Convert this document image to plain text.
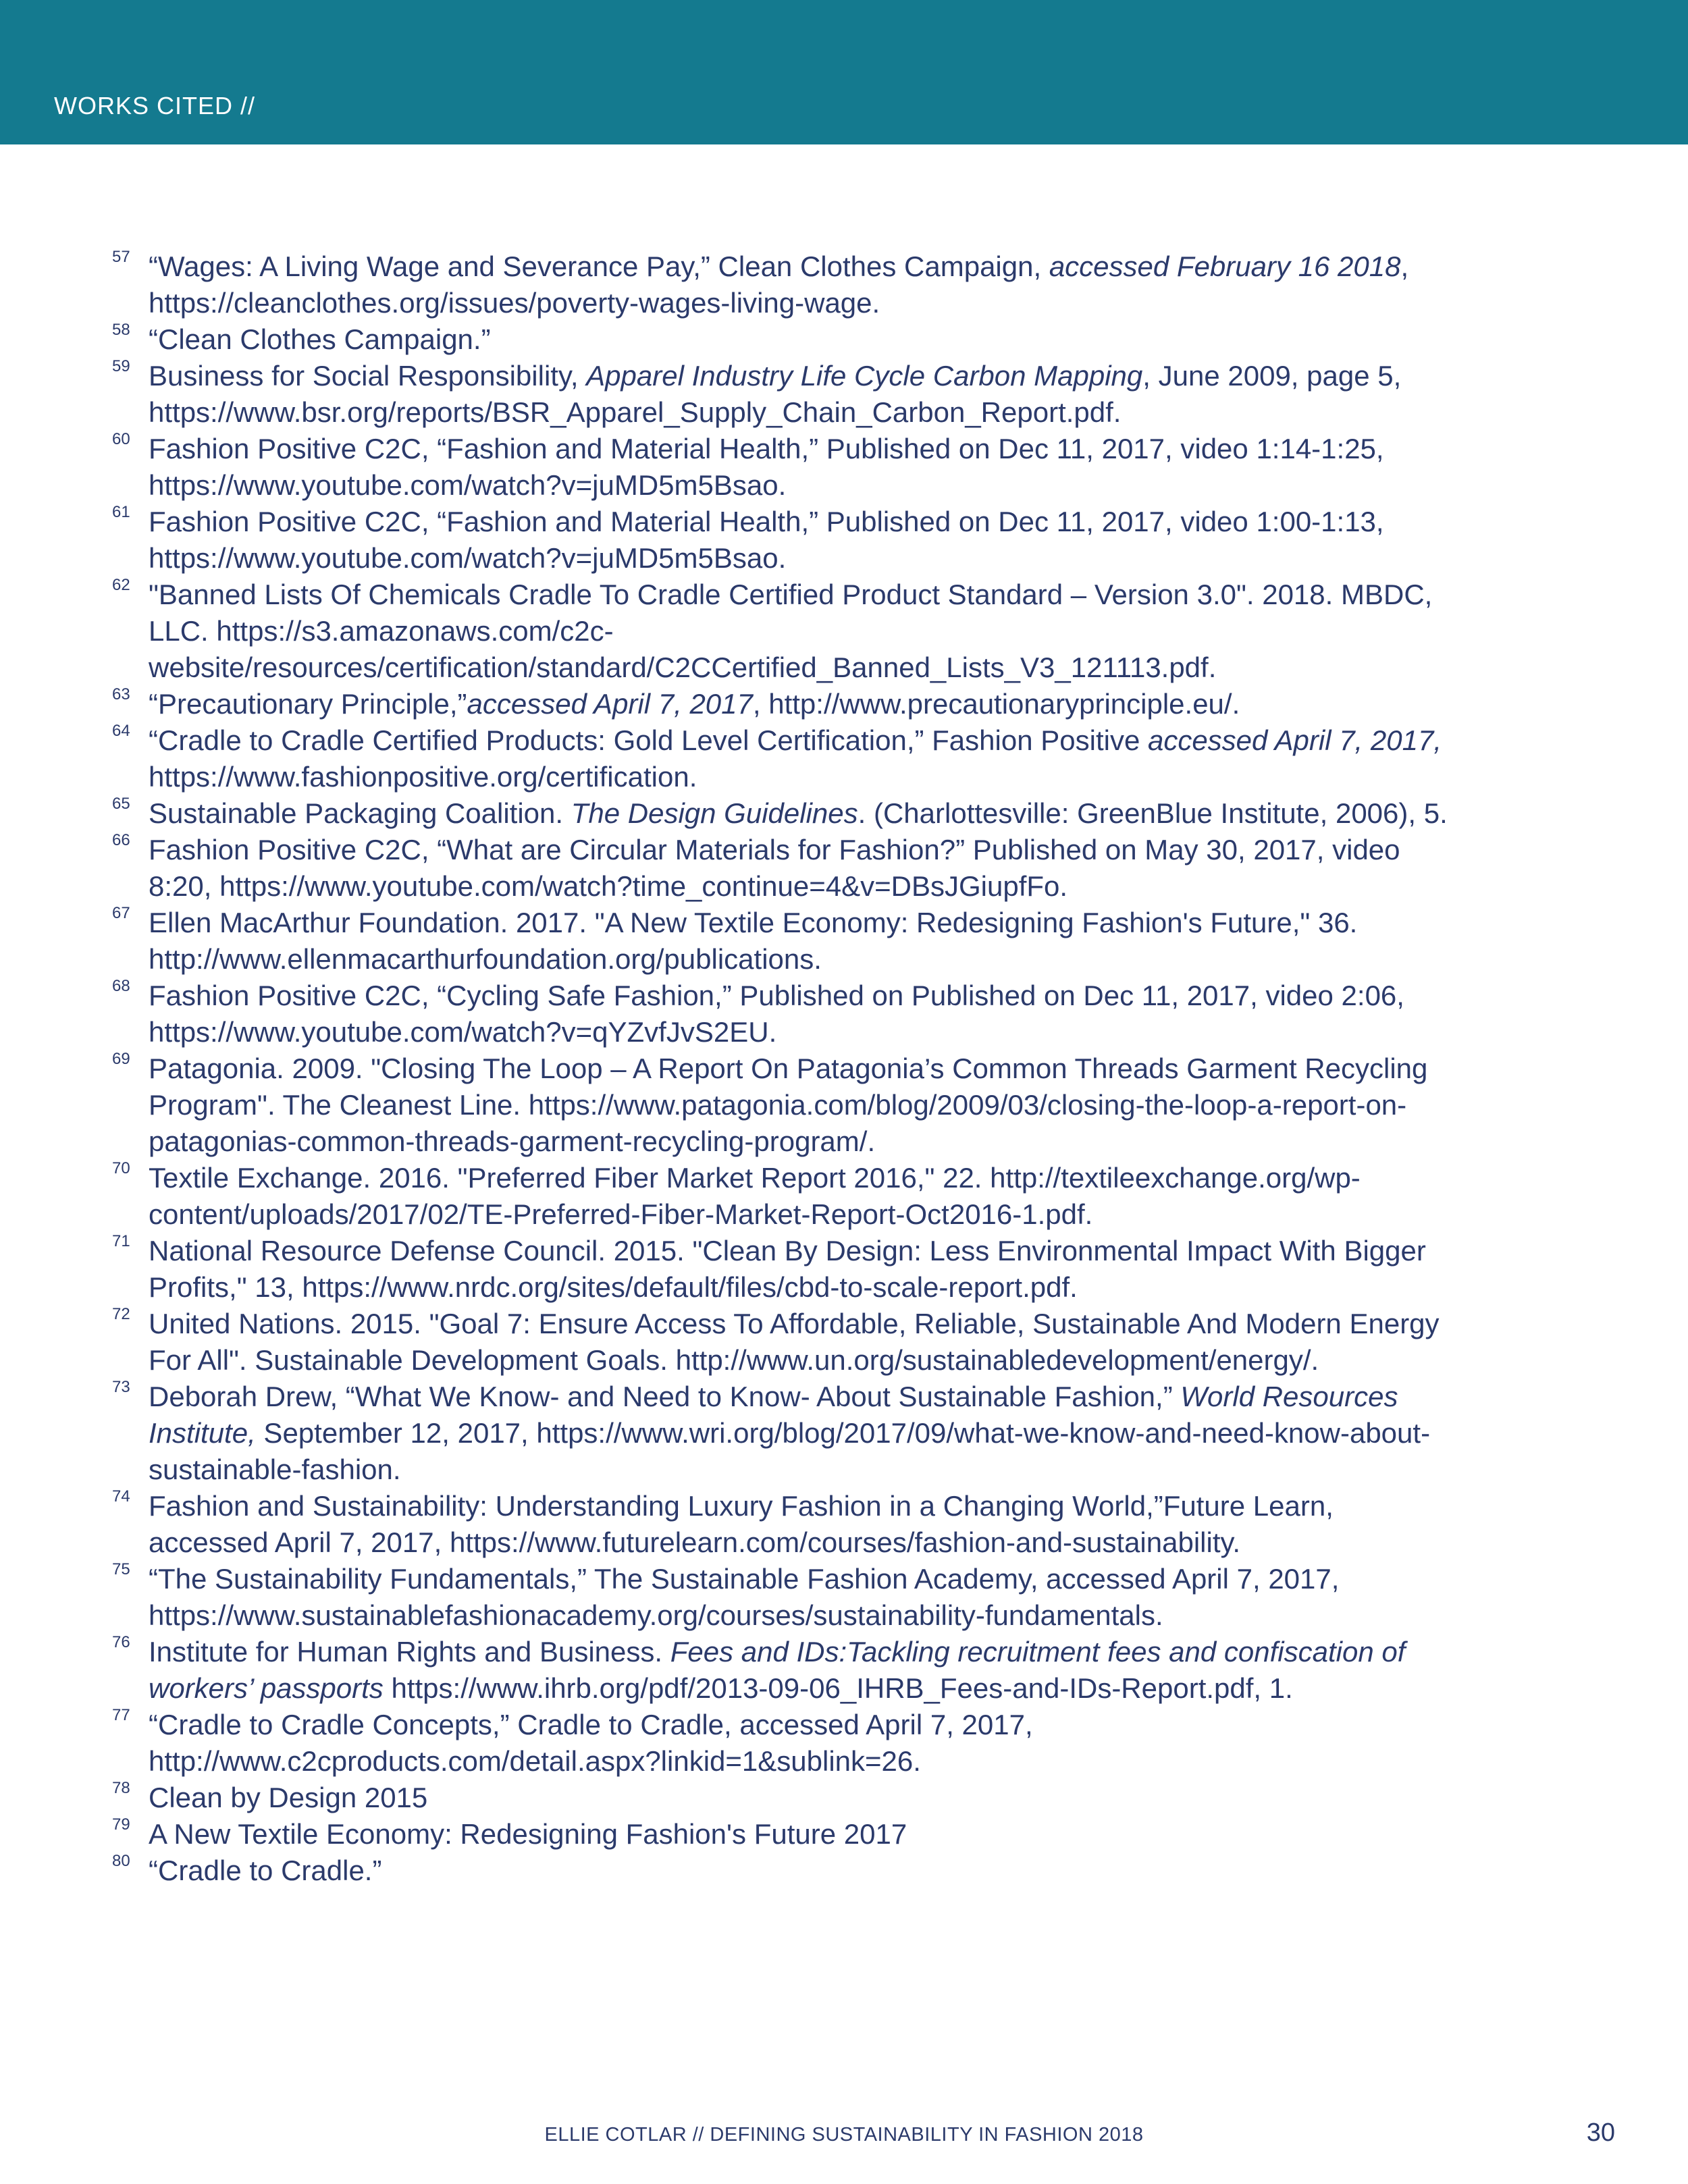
WORKS CITED //
57 “Wages: A Living Wage and Severance Pay,” Clean Clothes Campaign, accessed February 16 2018, https://cleanclothes.org/issues/poverty-wages-living-wage.
58 “Clean Clothes Campaign.”
59 Business for Social Responsibility, Apparel Industry Life Cycle Carbon Mapping, June 2009, page 5, https://www.bsr.org/reports/BSR_Apparel_Supply_Chain_Carbon_Report.pdf.
60 Fashion Positive C2C, “Fashion and Material Health,” Published on Dec 11, 2017, video 1:14-1:25, https://www.youtube.com/watch?v=juMD5m5Bsao.
61 Fashion Positive C2C, “Fashion and Material Health,” Published on Dec 11, 2017, video 1:00-1:13, https://www.youtube.com/watch?v=juMD5m5Bsao.
62 "Banned Lists Of Chemicals Cradle To Cradle Certified Product Standard – Version 3.0". 2018. MBDC, LLC. https://s3.amazonaws.com/c2c-website/resources/certification/standard/C2CCertified_Banned_Lists_V3_121113.pdf.
63 “Precautionary Principle,”accessed April 7, 2017, http://www.precautionaryprinciple.eu/.
64 “Cradle to Cradle Certified Products: Gold Level Certification,” Fashion Positive accessed April 7, 2017, https://www.fashionpositive.org/certification.
65 Sustainable Packaging Coalition. The Design Guidelines. (Charlottesville: GreenBlue Institute, 2006), 5.
66 Fashion Positive C2C, “What are Circular Materials for Fashion?” Published on May 30, 2017, video 8:20, https://www.youtube.com/watch?time_continue=4&v=DBsJGiupfFo.
67 Ellen MacArthur Foundation. 2017. "A New Textile Economy: Redesigning Fashion's Future," 36. http://www.ellenmacarthurfoundation.org/publications.
68 Fashion Positive C2C, “Cycling Safe Fashion,” Published on Published on Dec 11, 2017, video 2:06, https://www.youtube.com/watch?v=qYZvfJvS2EU.
69 Patagonia. 2009. "Closing The Loop – A Report On Patagonia’s Common Threads Garment Recycling Program". The Cleanest Line. https://www.patagonia.com/blog/2009/03/closing-the-loop-a-report-on-patagonias-common-threads-garment-recycling-program/.
70 Textile Exchange. 2016. "Preferred Fiber Market Report 2016," 22. http://textileexchange.org/wp-content/uploads/2017/02/TE-Preferred-Fiber-Market-Report-Oct2016-1.pdf.
71 National Resource Defense Council. 2015. "Clean By Design: Less Environmental Impact With Bigger Profits," 13, https://www.nrdc.org/sites/default/files/cbd-to-scale-report.pdf.
72 United Nations. 2015. "Goal 7: Ensure Access To Affordable, Reliable, Sustainable And Modern Energy For All". Sustainable Development Goals. http://www.un.org/sustainabledevelopment/energy/.
73 Deborah Drew, “What We Know- and Need to Know- About Sustainable Fashion,” World Resources Institute, September 12, 2017, https://www.wri.org/blog/2017/09/what-we-know-and-need-know-about-sustainable-fashion.
74 Fashion and Sustainability: Understanding Luxury Fashion in a Changing World,”Future Learn, accessed April 7, 2017, https://www.futurelearn.com/courses/fashion-and-sustainability.
75 “The Sustainability Fundamentals,” The Sustainable Fashion Academy, accessed April 7, 2017, https://www.sustainablefashionacademy.org/courses/sustainability-fundamentals.
76 Institute for Human Rights and Business. Fees and IDs:Tackling recruitment fees and confiscation of workers’ passports https://www.ihrb.org/pdf/2013-09-06_IHRB_Fees-and-IDs-Report.pdf, 1.
77 “Cradle to Cradle Concepts,” Cradle to Cradle, accessed April 7, 2017, http://www.c2cproducts.com/detail.aspx?linkid=1&sublink=26.
78 Clean by Design 2015
79 A New Textile Economy: Redesigning Fashion's Future 2017
80 “Cradle to Cradle.”
ELLIE COTLAR // DEFINING SUSTAINABILITY IN FASHION 2018	30
